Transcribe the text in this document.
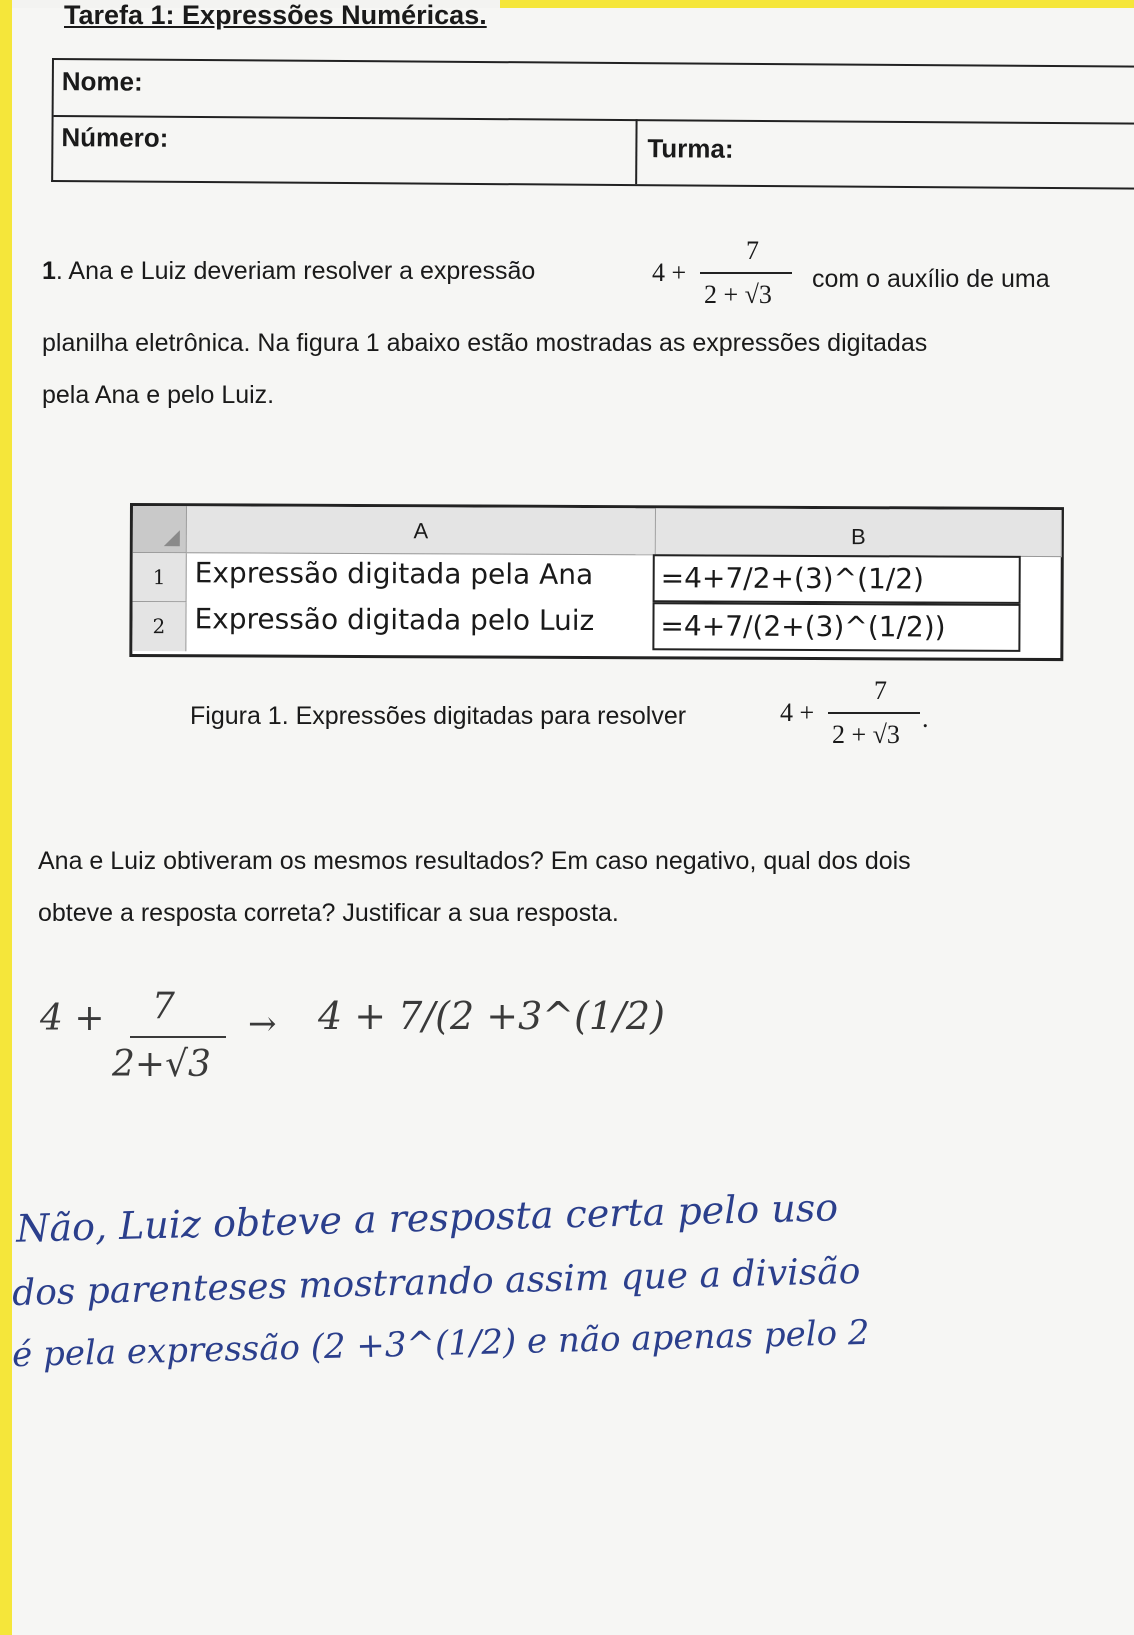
Tarefa 1: Expressões Numéricas.
Nome:
Número:	Turma:
1. Ana e Luiz deveriam resolver a expressão	4 +
7
2 + √3
com o auxílio de uma
planilha eletrônica. Na figura 1 abaixo estão mostradas as expressões digitadas
pela Ana e pelo Luiz.
A	B
1	Expressão digitada pela Ana =4+7/2+(3)^(1/2)
2	Expressão digitada pelo Luiz =4+7/(2+(3)^(1/2))
Figura 1. Expressões digitadas para resolver	4 +
7
2 + √3
.
Ana e Luiz obtiveram os mesmos resultados? Em caso negativo, qual dos dois
obteve a resposta correta? Justificar a sua resposta.
4 + 7
2+√3
→ 4 + 7/(2 +3^(1/2)
Não, Luiz obteve a resposta certa pelo uso
dos parenteses mostrando assim que a divisão
é pela expressão (2 +3^(1/2) e não apenas pelo 2
